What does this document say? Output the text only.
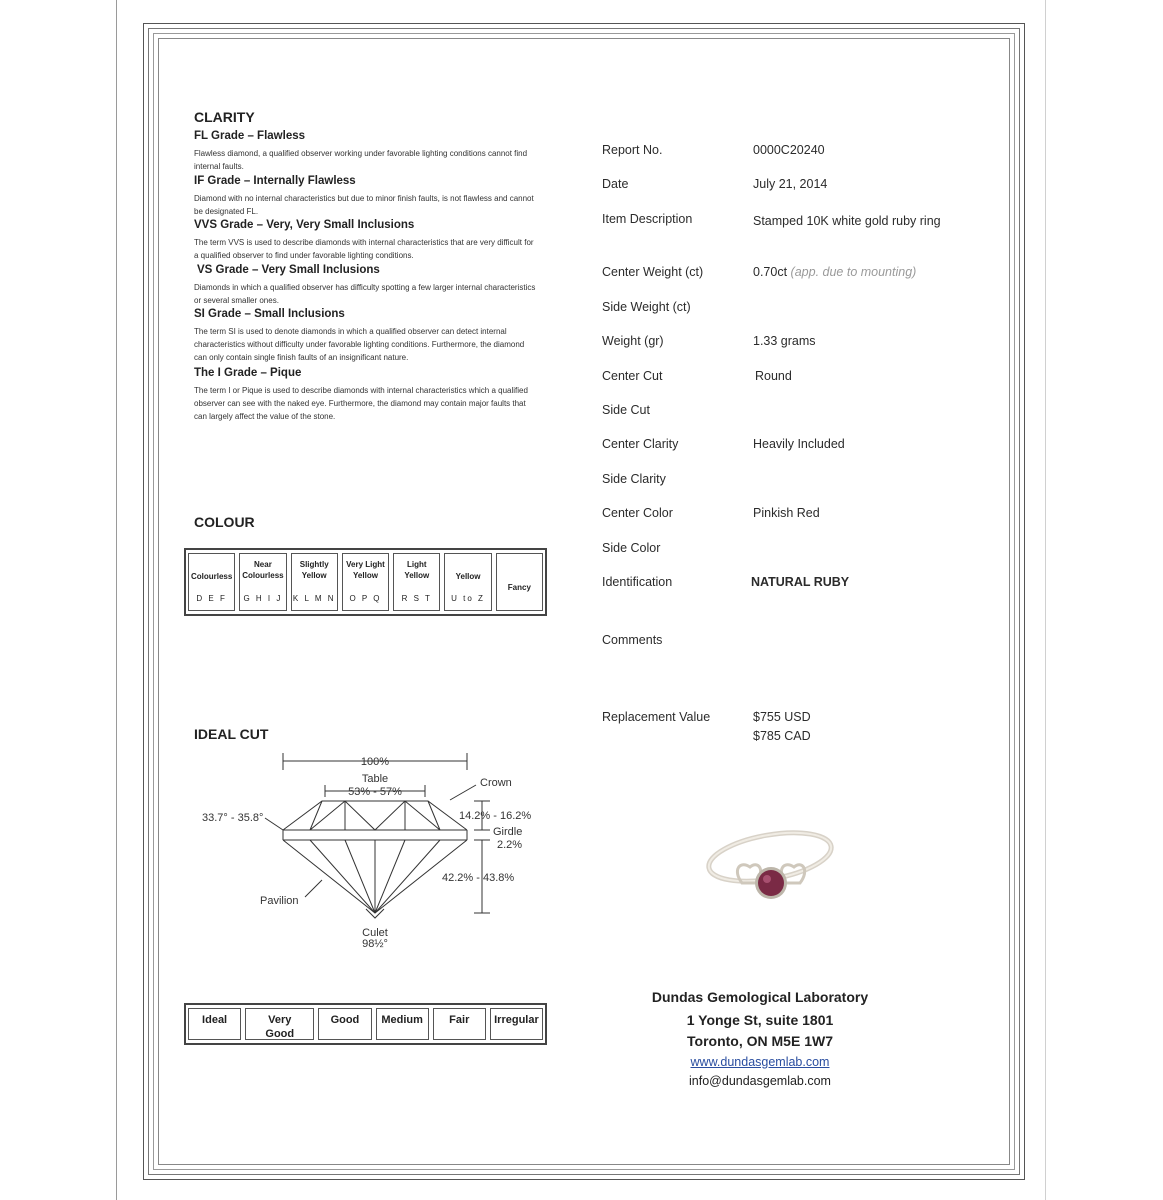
CLARITY
FL Grade – Flawless
Flawless diamond, a qualified observer working under favorable lighting conditions cannot find internal faults.
IF Grade – Internally Flawless
Diamond with no internal characteristics but due to minor finish faults, is not flawless and cannot be designated FL.
VVS Grade – Very, Very Small Inclusions
The term VVS is used to describe diamonds with internal characteristics that are very difficult for a qualified observer to find under favorable lighting conditions.
VS Grade – Very Small Inclusions
Diamonds in which a qualified observer has difficulty spotting a few larger internal characteristics or several smaller ones.
SI Grade – Small Inclusions
The term SI is used to denote diamonds in which a qualified observer can detect internal characteristics without difficulty under favorable lighting conditions. Furthermore, the diamond can only contain single finish faults of an insignificant nature.
The I Grade – Pique
The term I or Pique is used to describe diamonds with internal characteristics which a qualified observer can see with the naked eye. Furthermore, the diamond may contain major faults that can largely affect the value of the stone.
COLOUR
Colourless
D E F
Near Colourless
G H I J
Slightly Yellow
K L M N
Very Light Yellow
O P Q
Light Yellow
R S T
Yellow
U to Z
Fancy
IDEAL CUT
100%
Table
53% - 57%
Crown
33.7° - 35.8°	14.2% - 16.2%
Girdle
2.2%
42.2% - 43.8%
Pavilion
Culet
98½°
Ideal	Very Good
Good	Medium	Fair	Irregular
Report No.	0000C20240
Date	July 21, 2014
Item Description	Stamped 10K white gold ruby ring
Center Weight (ct)	0.70ct (app. due to mounting)
Side Weight (ct)
Weight (gr)	1.33 grams
Center Cut	Round
Side Cut
Center Clarity	Heavily Included
Side Clarity
Center Color	Pinkish Red
Side Color
Identification	NATURAL RUBY
Comments
Replacement Value	$755 USD
$785 CAD
Dundas Gemological Laboratory
1 Yonge St, suite 1801
Toronto, ON M5E 1W7
www.dundasgemlab.com
info@dundasgemlab.com
